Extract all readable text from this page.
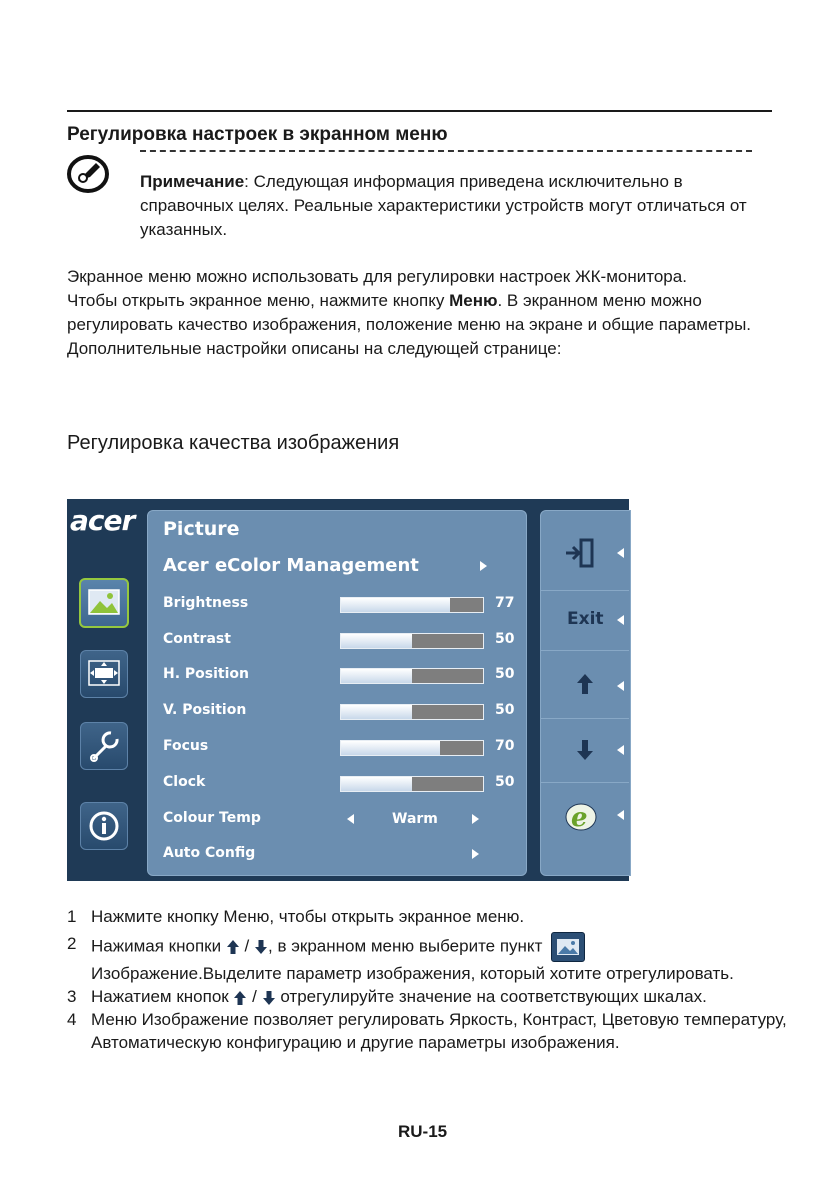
Регулировка настроек в экранном меню
Примечание: Следующая информация приведена исключительно в справочных целях. Реальные характеристики устройств могут отличаться от указанных.

Экранное меню можно использовать для регулировки настроек ЖК-монитора.

Чтобы открыть экранное меню, нажмите кнопку Меню. В экранном меню можно регулировать качество изображения, положение меню на экране и общие параметры. Дополнительные настройки описаны на следующей странице:

Регулировка качества изображения
acer Picture
Acer eColor Management
Brightness	77
Contrast	50
H. Position	50
V. Position	50
Focus	70
Clock	50
Colour Temp	Warm
Auto Config
Exit
e
1 Нажмите кнопку Меню, чтобы открыть экранное меню.
2 Нажимая кнопки  / , в экранном меню выберите пункт
Изображение.Выделите параметр изображения, который хотите отрегулировать.
3 Нажатием кнопок  /  отрегулируйте значение на соответствующих шкалах.
4 Меню Изображение позволяет регулировать Яркость, Контраст, Цветовую температуру, Автоматическую конфигурацию и другие параметры изображения.
RU-15
